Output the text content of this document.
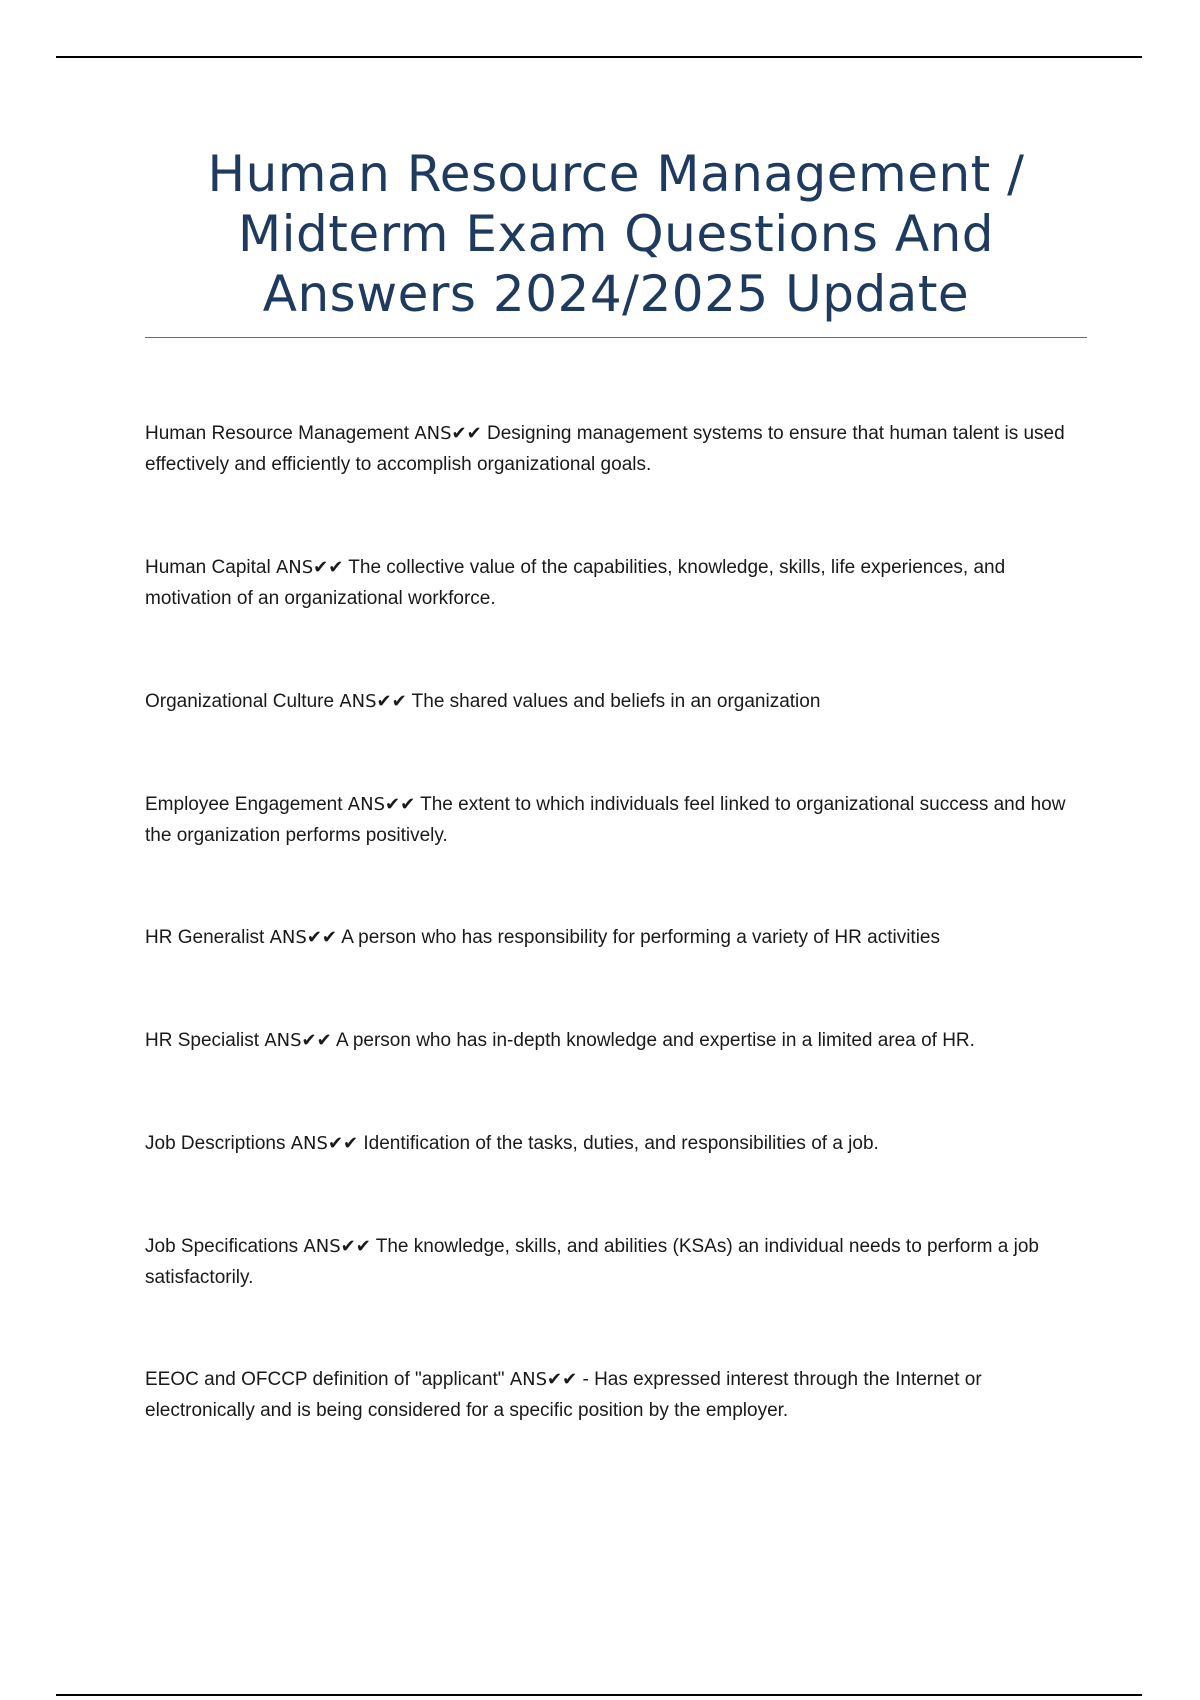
Human Resource Management / Midterm Exam Questions And Answers 2024/2025 Update

Human Resource Management ANS✔✔ Designing management systems to ensure that human talent is used effectively and efficiently to accomplish organizational goals.

Human Capital ANS✔✔ The collective value of the capabilities, knowledge, skills, life experiences, and motivation of an organizational workforce.

Organizational Culture ANS✔✔ The shared values and beliefs in an organization

Employee Engagement ANS✔✔ The extent to which individuals feel linked to organizational success and how the organization performs positively.

HR Generalist ANS✔✔ A person who has responsibility for performing a variety of HR activities

HR Specialist ANS✔✔ A person who has in-depth knowledge and expertise in a limited area of HR.

Job Descriptions ANS✔✔ Identification of the tasks, duties, and responsibilities of a job.

Job Specifications ANS✔✔ The knowledge, skills, and abilities (KSAs) an individual needs to perform a job satisfactorily.

EEOC and OFCCP definition of "applicant" ANS✔✔ - Has expressed interest through the Internet or electronically and is being considered for a specific position by the employer.
